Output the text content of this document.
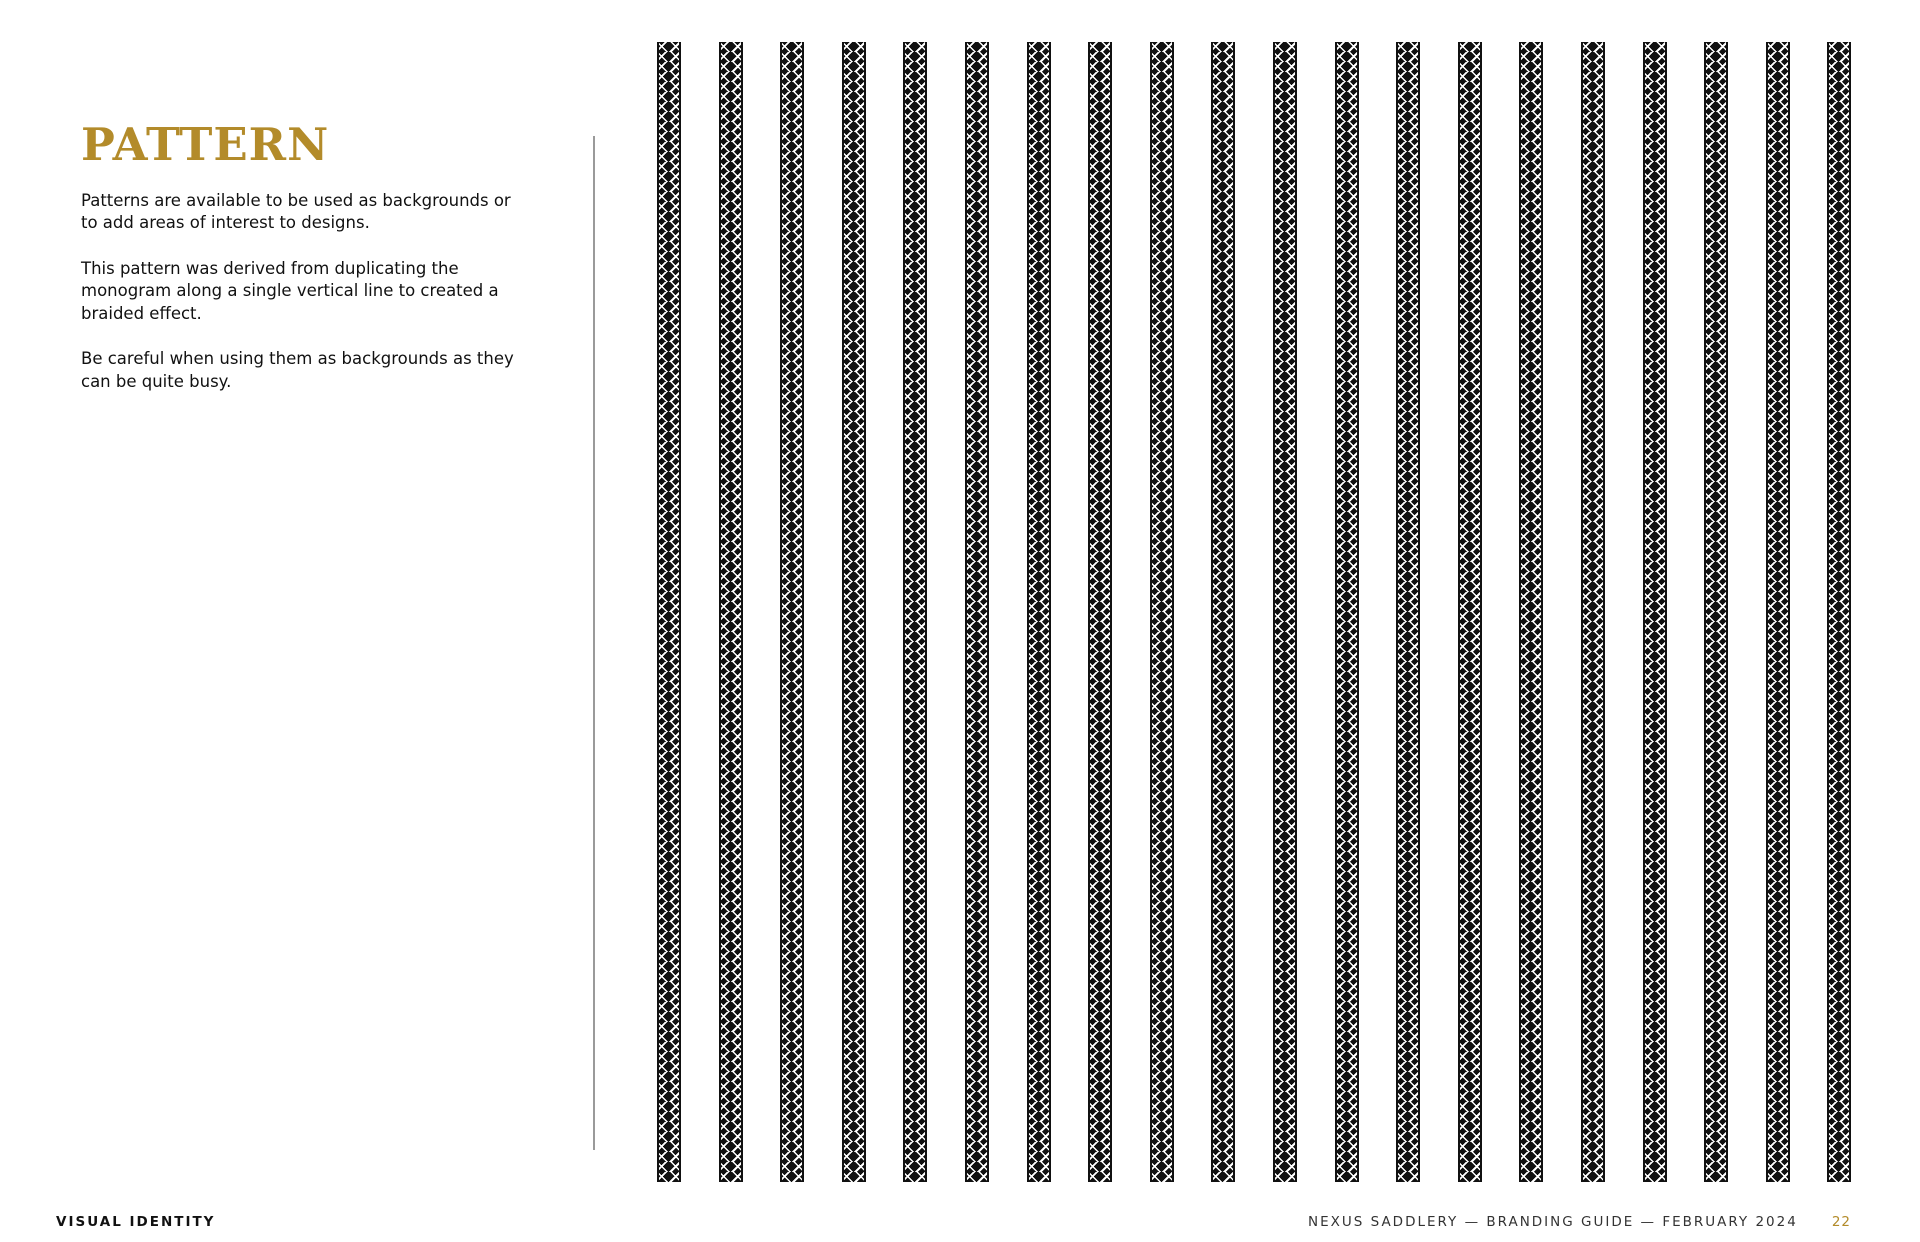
PATTERN

Patterns are available to be used as backgrounds or to add areas of interest to designs.

This pattern was derived from duplicating the monogram along a single vertical line to created a braided effect.

Be careful when using them as backgrounds as they can be quite busy.

VISUAL IDENTITY	NEXUS SADDLERY — BRANDING GUIDE — FEBRUARY 2024	22
